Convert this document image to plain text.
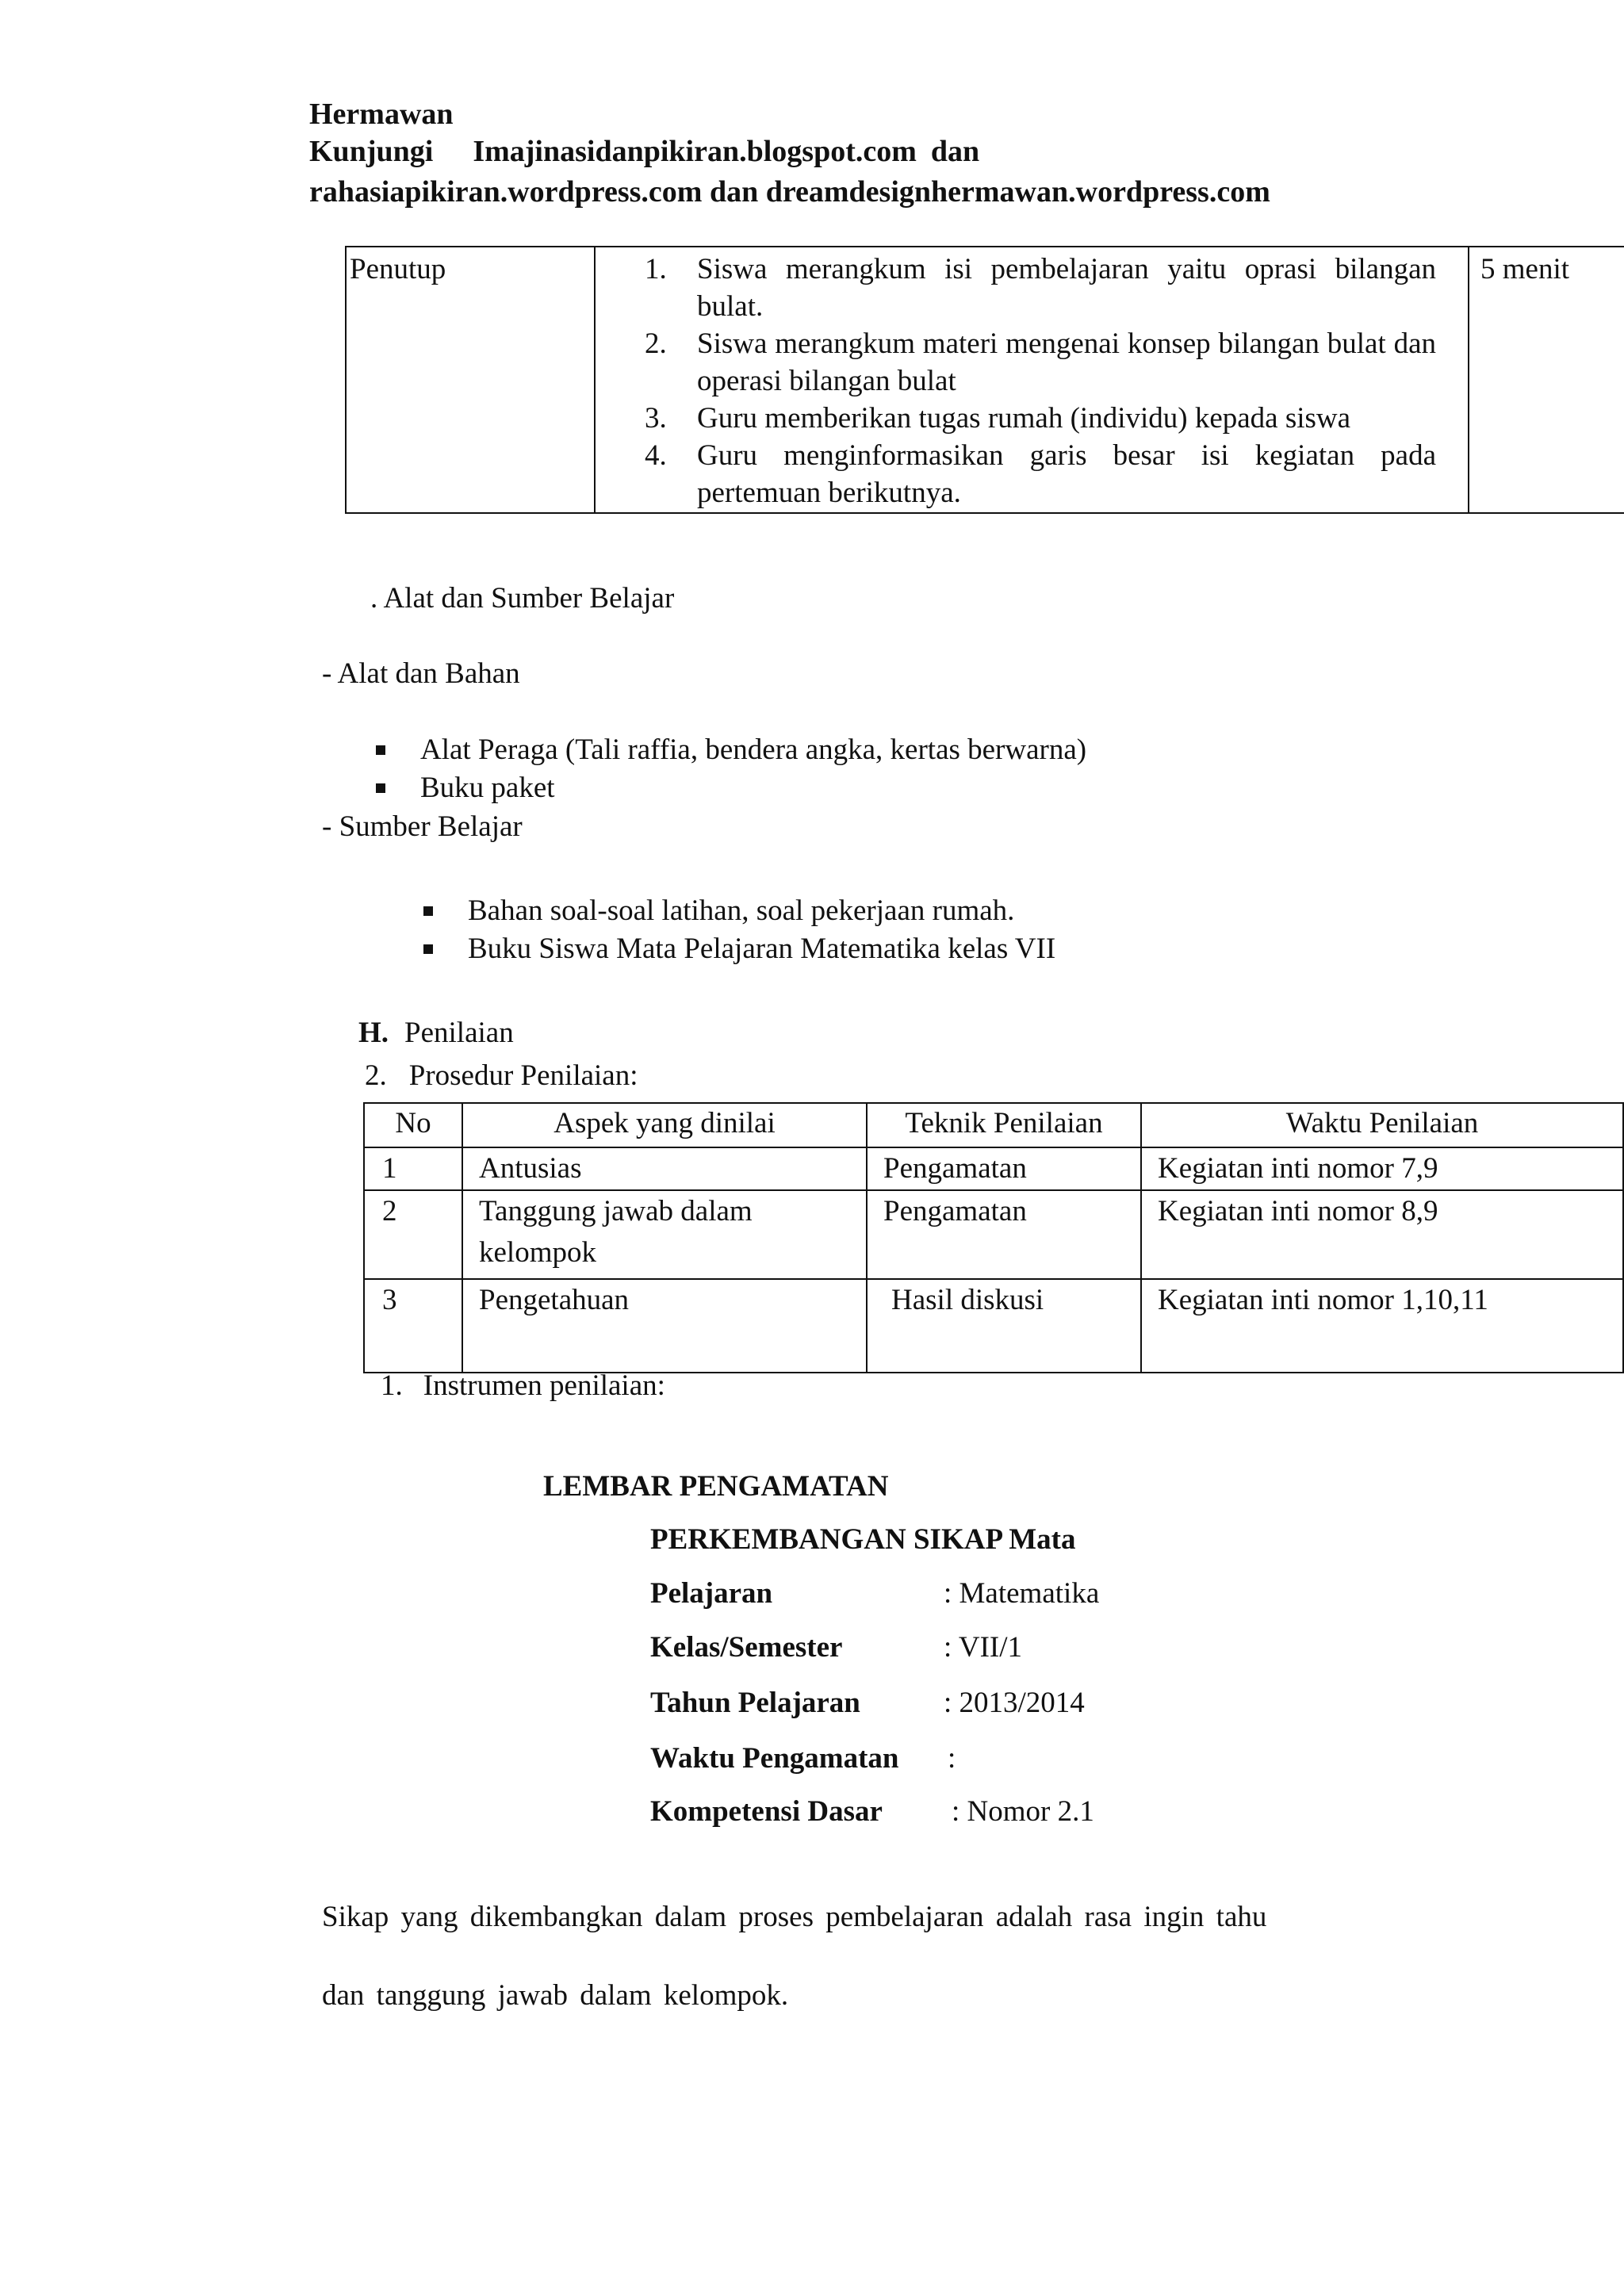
Hermawan
Kunjungi Imajinasidanpikiran.blogspot.com dan
rahasiapikiran.wordpress.com dan dreamdesignhermawan.wordpress.com
Penutup	1. Siswa merangkum isi pembelajaran yaitu oprasi bilangan bulat.
2. Siswa merangkum materi mengenai konsep bilangan bulat dan operasi bilangan bulat
3. Guru memberikan tugas rumah (individu) kepada siswa
4. Guru menginformasikan garis besar isi kegiatan pada pertemuan berikutnya.
	5 menit
. Alat dan Sumber Belajar
- Alat dan Bahan
Alat Peraga (Tali raffia, bendera angka, kertas berwarna)
Buku paket
- Sumber Belajar
Bahan soal-soal latihan, soal pekerjaan rumah.
Buku Siswa Mata Pelajaran Matematika kelas VII
H. Penilaian
2. Prosedur Penilaian:
No	Aspek yang dinilai	Teknik Penilaian	Waktu Penilaian
1	Antusias	Pengamatan	Kegiatan inti nomor 7,9
2	Tanggung jawab dalam kelompok	Pengamatan	Kegiatan inti nomor 8,9
3	Pengetahuan	Hasil diskusi	Kegiatan inti nomor 1,10,11
1. Instrumen penilaian:
LEMBAR PENGAMATAN
PERKEMBANGAN SIKAP Mata
Pelajaran	: Matematika
Kelas/Semester	: VII/1
Tahun Pelajaran	: 2013/2014
Waktu Pengamatan :
Kompetensi Dasar : Nomor 2.1
Sikap yang dikembangkan dalam proses pembelajaran adalah rasa ingin tahu
dan tanggung jawab dalam kelompok.
